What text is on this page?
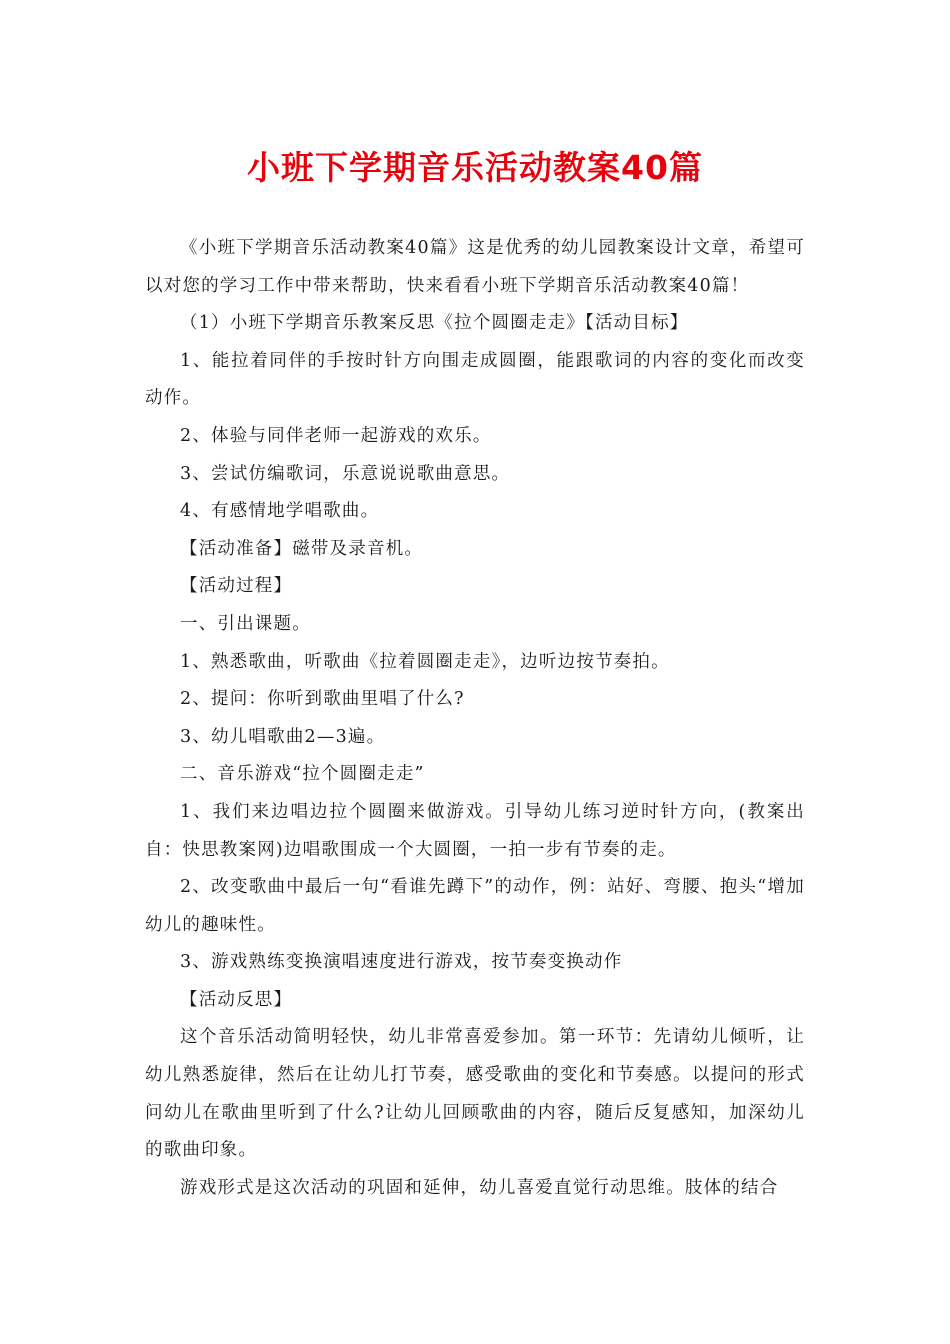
小班下学期音乐活动教案40篇

《小班下学期音乐活动教案40篇》这是优秀的幼儿园教案设计文章，希望可以对您的学习工作中带来帮助，快来看看小班下学期音乐活动教案40篇！

（1）小班下学期音乐教案反思《拉个圆圈走走》【活动目标】

1、能拉着同伴的手按时针方向围走成圆圈，能跟歌词的内容的变化而改变动作。

2、体验与同伴老师一起游戏的欢乐。

3、尝试仿编歌词，乐意说说歌曲意思。

4、有感情地学唱歌曲。

【活动准备】磁带及录音机。

【活动过程】

一、引出课题。

1、熟悉歌曲，听歌曲《拉着圆圈走走》，边听边按节奏拍。

2、提问：你听到歌曲里唱了什么?

3、幼儿唱歌曲2—3遍。

二、音乐游戏“拉个圆圈走走”

1、我们来边唱边拉个圆圈来做游戏。引导幼儿练习逆时针方向，(教案出自：快思教案网)边唱歌围成一个大圆圈，一拍一步有节奏的走。

2、改变歌曲中最后一句“看谁先蹲下”的动作，例：站好、弯腰、抱头“增加幼儿的趣味性。

3、游戏熟练变换演唱速度进行游戏，按节奏变换动作

【活动反思】

这个音乐活动简明轻快，幼儿非常喜爱参加。第一环节：先请幼儿倾听，让幼儿熟悉旋律，然后在让幼儿打节奏，感受歌曲的变化和节奏感。以提问的形式问幼儿在歌曲里听到了什么?让幼儿回顾歌曲的内容，随后反复感知，加深幼儿的歌曲印象。

游戏形式是这次活动的巩固和延伸，幼儿喜爱直觉行动思维。肢体的结合
